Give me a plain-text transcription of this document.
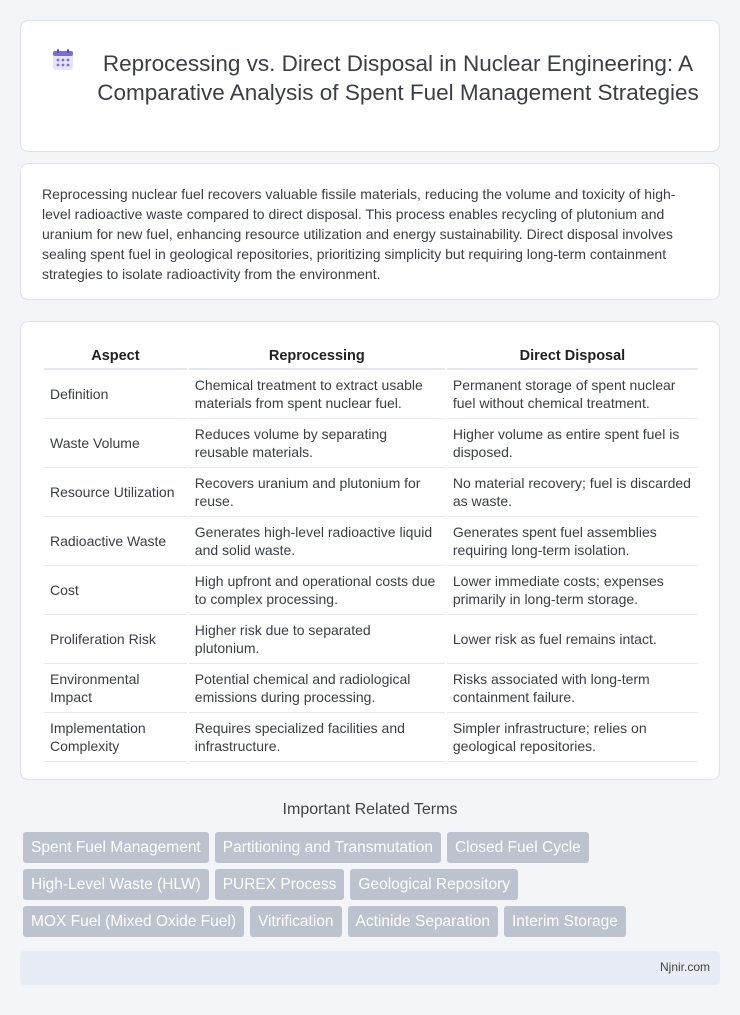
Reprocessing vs. Direct Disposal in Nuclear Engineering: A Comparative Analysis of Spent Fuel Management Strategies

Reprocessing nuclear fuel recovers valuable fissile materials, reducing the volume and toxicity of high-level radioactive waste compared to direct disposal. This process enables recycling of plutonium and uranium for new fuel, enhancing resource utilization and energy sustainability. Direct disposal involves sealing spent fuel in geological repositories, prioritizing simplicity but requiring long-term containment strategies to isolate radioactivity from the environment.

Aspect	Reprocessing	Direct Disposal
Definition	Chemical treatment to extract usable materials from spent nuclear fuel.	Permanent storage of spent nuclear fuel without chemical treatment.
Waste Volume	Reduces volume by separating reusable materials.	Higher volume as entire spent fuel is disposed.
Resource Utilization	Recovers uranium and plutonium for reuse.	No material recovery; fuel is discarded as waste.
Radioactive Waste	Generates high-level radioactive liquid and solid waste.	Generates spent fuel assemblies requiring long-term isolation.
Cost	High upfront and operational costs due to complex processing.	Lower immediate costs; expenses primarily in long-term storage.
Proliferation Risk	Higher risk due to separated plutonium.	Lower risk as fuel remains intact.
Environmental Impact	Potential chemical and radiological emissions during processing.	Risks associated with long-term containment failure.
Implementation Complexity	Requires specialized facilities and infrastructure.	Simpler infrastructure; relies on geological repositories.
Important Related Terms
Spent Fuel Management	Partitioning and Transmutation	Closed Fuel Cycle
High-Level Waste (HLW)	PUREX Process	Geological Repository
MOX Fuel (Mixed Oxide Fuel)	Vitrification	Actinide Separation	Interim Storage
Njnir.com
